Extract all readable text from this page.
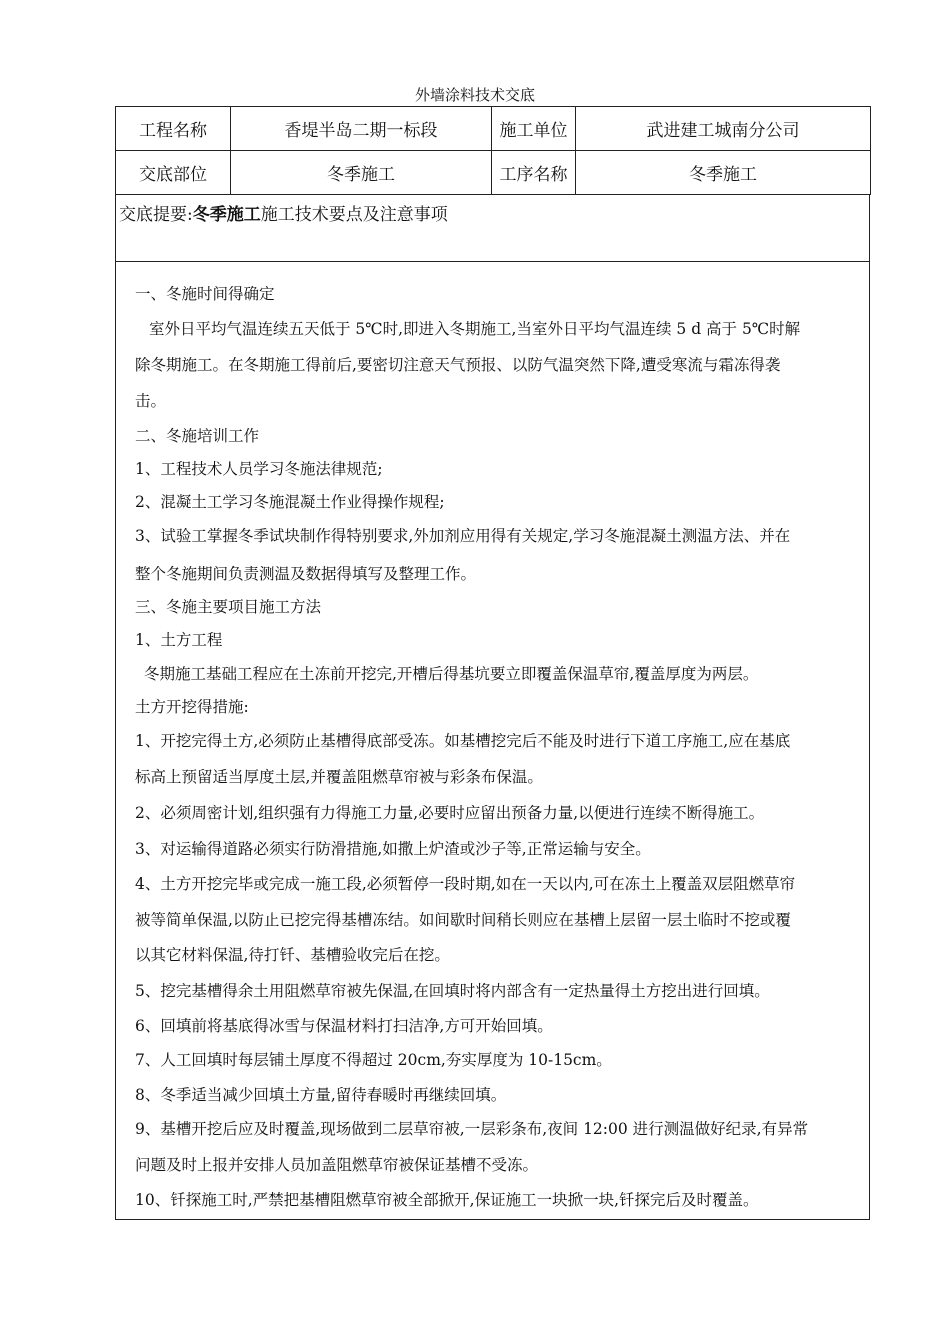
外墙涂料技术交底
工程名称	香堤半岛二期一标段	施工单位	武进建工城南分公司
交底部位	冬季施工	工序名称	冬季施工
交底提要:冬季施工施工技术要点及注意事项
一、冬施时间得确定
室外日平均气温连续五天低于 5℃时,即进入冬期施工,当室外日平均气温连续 5 d 高于 5℃时解
除冬期施工。在冬期施工得前后,要密切注意天气预报、以防气温突然下降,遭受寒流与霜冻得袭
击。
二、冬施培训工作
1、工程技术人员学习冬施法律规范;
2、混凝土工学习冬施混凝土作业得操作规程;
3、试验工掌握冬季试块制作得特别要求,外加剂应用得有关规定,学习冬施混凝土测温方法、并在
整个冬施期间负责测温及数据得填写及整理工作。
三、冬施主要项目施工方法
1、土方工程
冬期施工基础工程应在土冻前开挖完,开槽后得基坑要立即覆盖保温草帘,覆盖厚度为两层。
土方开挖得措施:
1、开挖完得土方,必须防止基槽得底部受冻。如基槽挖完后不能及时进行下道工序施工,应在基底
标高上预留适当厚度土层,并覆盖阻燃草帘被与彩条布保温。
2、必须周密计划,组织强有力得施工力量,必要时应留出预备力量,以便进行连续不断得施工。
3、对运输得道路必须实行防滑措施,如撒上炉渣或沙子等,正常运输与安全。
4、土方开挖完毕或完成一施工段,必须暂停一段时期,如在一天以内,可在冻土上覆盖双层阻燃草帘
被等简单保温,以防止已挖完得基槽冻结。如间歇时间稍长则应在基槽上层留一层土临时不挖或覆
以其它材料保温,待打钎、基槽验收完后在挖。
5、挖完基槽得余土用阻燃草帘被先保温,在回填时将内部含有一定热量得土方挖出进行回填。
6、回填前将基底得冰雪与保温材料打扫洁净,方可开始回填。
7、人工回填时每层铺土厚度不得超过 20cm,夯实厚度为 10-15cm。
8、冬季适当减少回填土方量,留待春暖时再继续回填。
9、基槽开挖后应及时覆盖,现场做到二层草帘被,一层彩条布,夜间 12:00 进行测温做好纪录,有异常
问题及时上报并安排人员加盖阻燃草帘被保证基槽不受冻。
10、钎探施工时,严禁把基槽阻燃草帘被全部掀开,保证施工一块掀一块,钎探完后及时覆盖。
